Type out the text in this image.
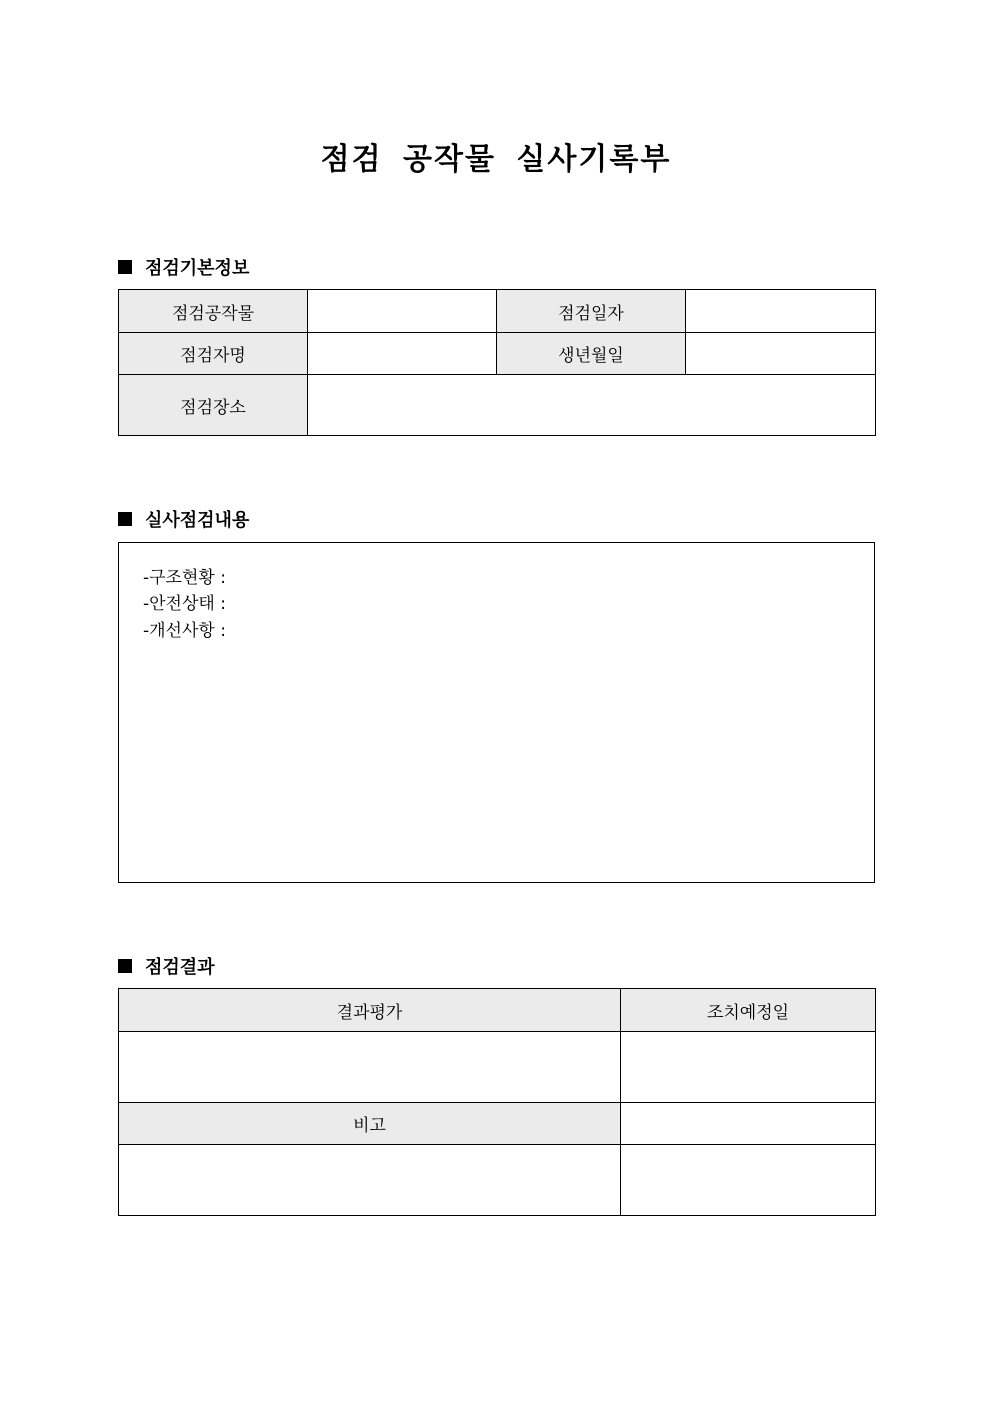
점검 공작물 실사기록부
점검기본정보
점검공작물		점검일자	
점검자명		생년월일	
점검장소			
실사점검내용
-구조현황 :
-안전상태 :
-개선사항 :
점검결과
결과평가	조치예정일

비고	
